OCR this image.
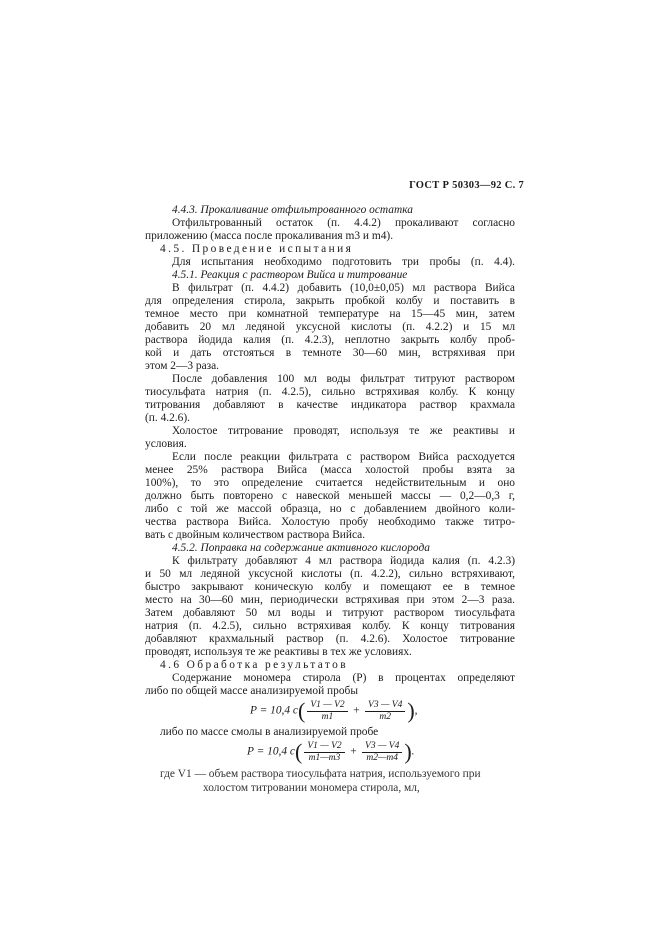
ГОСТ Р 50303—92 С. 7
4.4.3. Прокаливание отфильтрованного остатка
Отфильтрованный остаток (п. 4.4.2) прокаливают согласно
приложению (масса после прокаливания m3 и m4).
4.5. Проведение испытания
Для испытания необходимо подготовить три пробы (п. 4.4).
4.5.1. Реакция с раствором Вийса и титрование
В фильтрат (п. 4.4.2) добавить (10,0±0,05) мл раствора Вийса
для определения стирола, закрыть пробкой колбу и поставить в
темное место при комнатной температуре на 15—45 мин, затем
добавить 20 мл ледяной уксусной кислоты (п. 4.2.2) и 15 мл
раствора йодида калия (п. 4.2.3), неплотно закрыть колбу проб-
кой и дать отстояться в темноте 30—60 мин, встряхивая при
этом 2—3 раза.
После добавления 100 мл воды фильтрат титруют раствором
тиосульфата натрия (п. 4.2.5), сильно встряхивая колбу. К концу
титрования добавляют в качестве индикатора раствор крахмала
(п. 4.2.6).
Холостое титрование проводят, используя те же реактивы и
условия.
Если после реакции фильтрата с раствором Вийса расходуется
менее 25% раствора Вийса (масса холостой пробы взята за
100%), то это определение считается недействительным и оно
должно быть повторено с навеской меньшей массы — 0,2—0,3 г,
либо с той же массой образца, но с добавлением двойного коли-
чества раствора Вийса. Холостую пробу необходимо также титро-
вать с двойным количеством раствора Вийса.
4.5.2. Поправка на содержание активного кислорода
К фильтрату добавляют 4 мл раствора йодида калия (п. 4.2.3)
и 50 мл ледяной уксусной кислоты (п. 4.2.2), сильно встряхивают,
быстро закрывают коническую колбу и помещают ее в темное
место на 30—60 мин, периодически встряхивая при этом 2—3 раза.
Затем добавляют 50 мл воды и титруют раствором тиосульфата
натрия (п. 4.2.5), сильно встряхивая колбу. К концу титрования
добавляют крахмальный раствор (п. 4.2.6). Холостое титрование
проводят, используя те же реактивы в тех же условиях.
4.6 Обработка результатов
Содержание мономера стирола (P) в процентах определяют
либо по общей массе анализируемой пробы
P = 10,4 $c( \frac{V1 — V2}{m1} + \frac{V3 — V4}{m2}$ ),
либо по массе смолы в анализируемой пробе
P = 10,4 $c( \frac{V1 — V2}{m1—m3} + \frac{V3 — V4}{m2—m4}$ ).
где V1 — объем раствора тиосульфата натрия, используемого при
холостом титровании мономера стирола, мл,
